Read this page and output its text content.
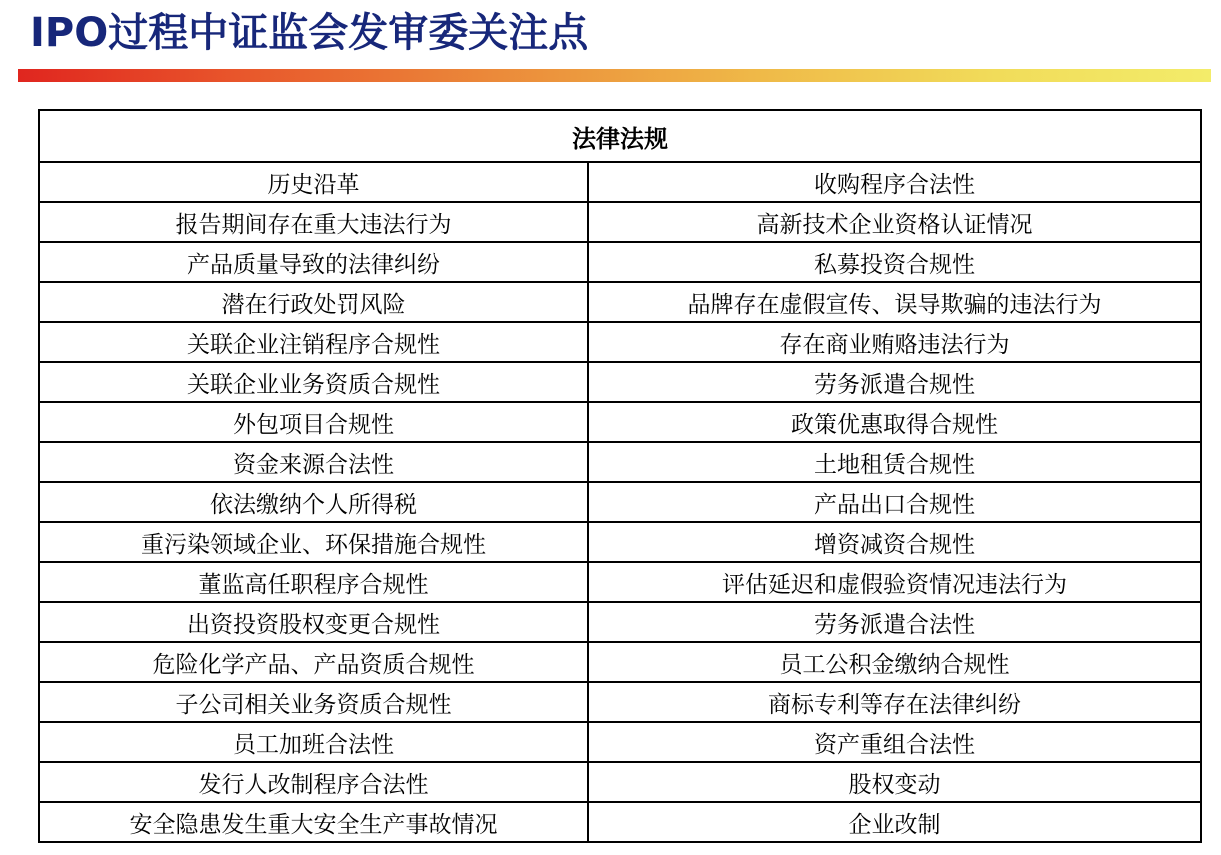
IPO过程中证监会发审委关注点
法律法规	
历史沿革	收购程序合法性
报告期间存在重大违法行为	高新技术企业资格认证情况
产品质量导致的法律纠纷	私募投资合规性
潜在行政处罚风险	品牌存在虚假宣传、误导欺骗的违法行为
关联企业注销程序合规性	存在商业贿赂违法行为
关联企业业务资质合规性	劳务派遣合规性
外包项目合规性	政策优惠取得合规性
资金来源合法性	土地租赁合规性
依法缴纳个人所得税	产品出口合规性
重污染领域企业、环保措施合规性	增资减资合规性
董监高任职程序合规性	评估延迟和虚假验资情况违法行为
出资投资股权变更合规性	劳务派遣合法性
危险化学产品、产品资质合规性	员工公积金缴纳合规性
子公司相关业务资质合规性	商标专利等存在法律纠纷
员工加班合法性	资产重组合法性
发行人改制程序合法性	股权变动
安全隐患发生重大安全生产事故情况	企业改制
